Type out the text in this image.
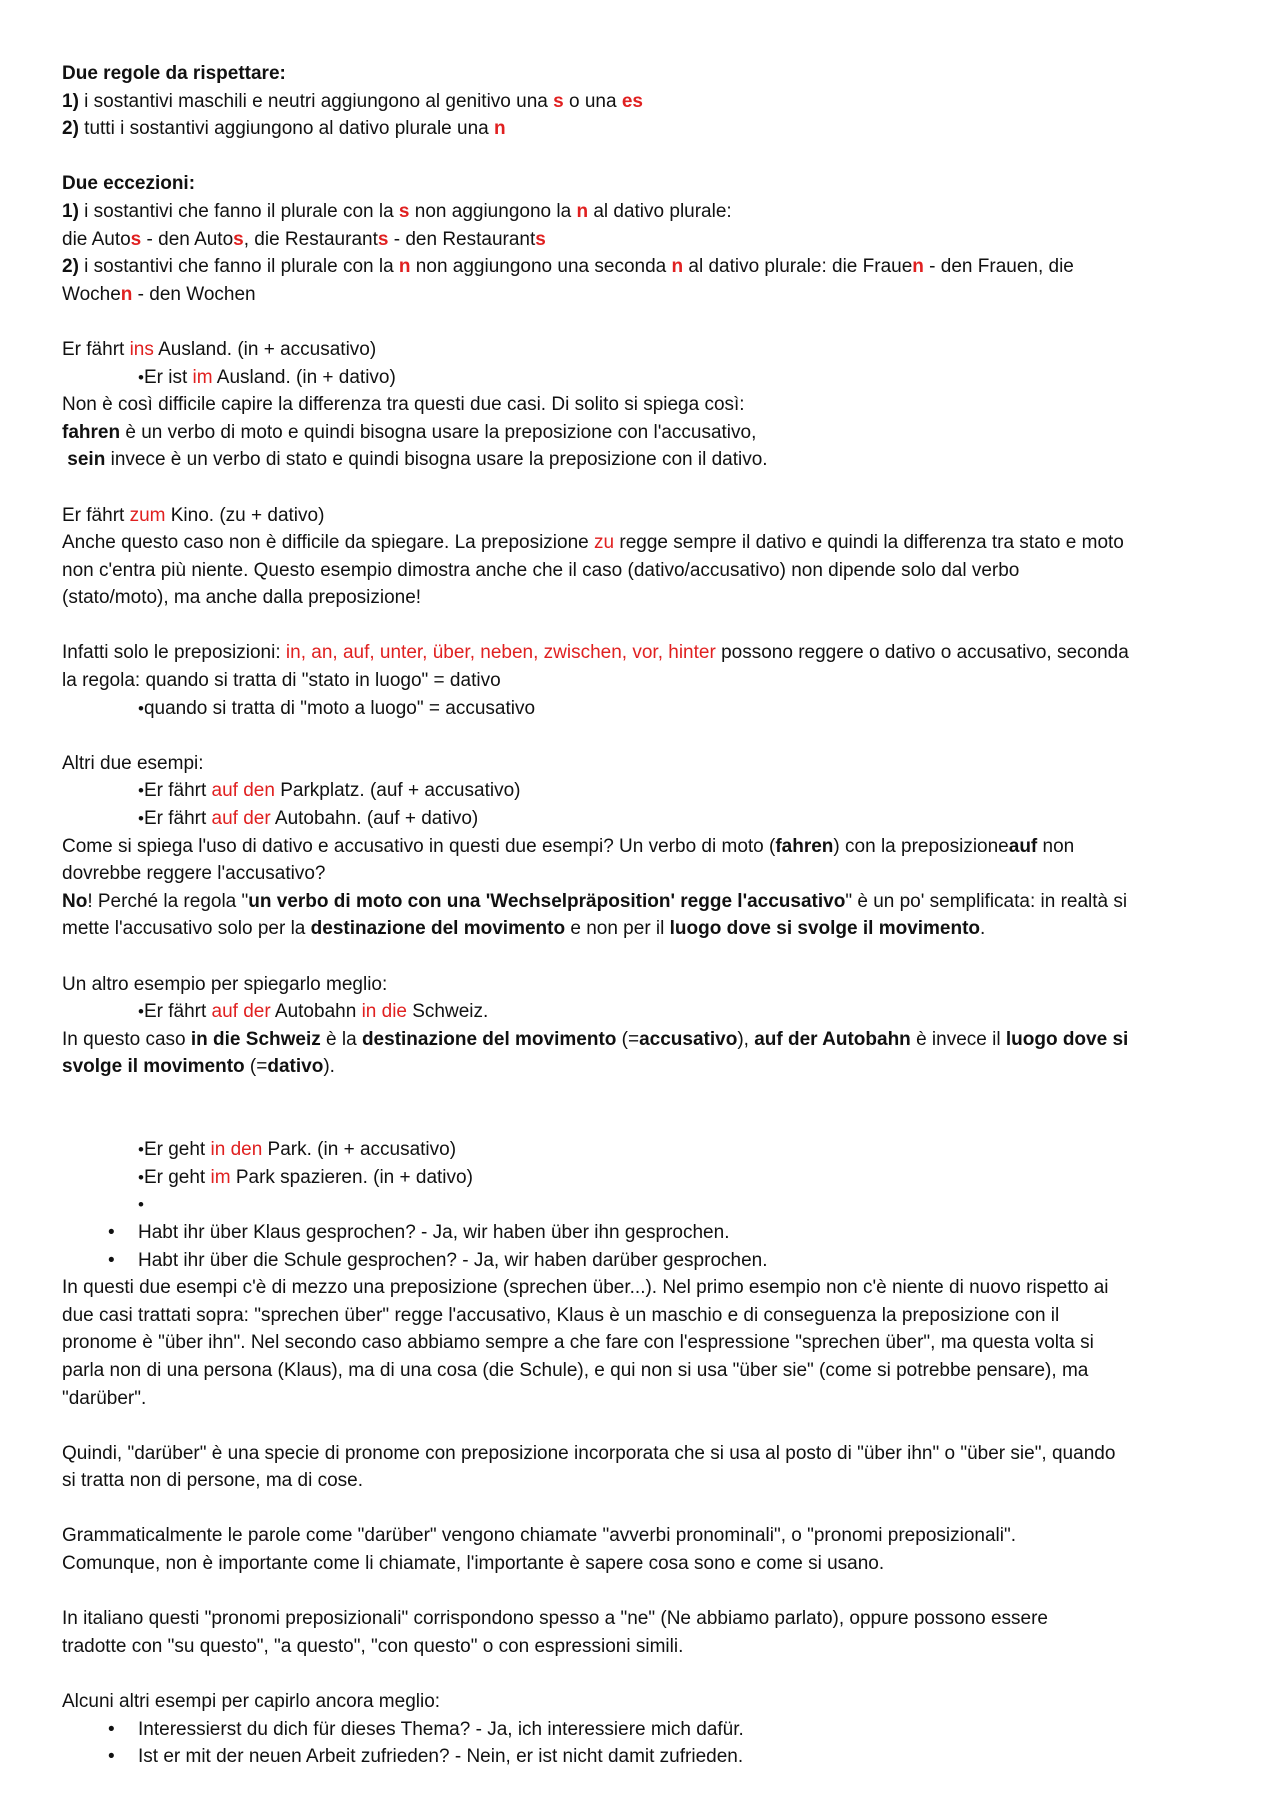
Due regole da rispettare:

1) i sostantivi maschili e neutri aggiungono al genitivo una s o una es

2) tutti i sostantivi aggiungono al dativo plurale una n

Due eccezioni:

1) i sostantivi che fanno il plurale con la s non aggiungono la n al dativo plurale:

die Autos - den Autos, die Restaurants - den Restaurants

2) i sostantivi che fanno il plurale con la n non aggiungono una seconda n al dativo plurale: die Frauen - den Frauen, die

Wochen - den Wochen

Er fährt ins Ausland. (in + accusativo)

• Er ist im Ausland. (in + dativo)

Non è così difficile capire la differenza tra questi due casi. Di solito si spiega così:

fahren è un verbo di moto e quindi bisogna usare la preposizione con l'accusativo,

sein invece è un verbo di stato e quindi bisogna usare la preposizione con il dativo.

Er fährt zum Kino. (zu + dativo)

Anche questo caso non è difficile da spiegare. La preposizione zu regge sempre il dativo e quindi la differenza tra stato e moto

non c'entra più niente. Questo esempio dimostra anche che il caso (dativo/accusativo) non dipende solo dal verbo

(stato/moto), ma anche dalla preposizione!

Infatti solo le preposizioni: in, an, auf, unter, über, neben, zwischen, vor, hinter possono reggere o dativo o accusativo, seconda

la regola: quando si tratta di "stato in luogo" = dativo

• quando si tratta di "moto a luogo" = accusativo

Altri due esempi:

• Er fährt auf den Parkplatz. (auf + accusativo)

• Er fährt auf der Autobahn. (auf + dativo)

Come si spiega l'uso di dativo e accusativo in questi due esempi? Un verbo di moto (fahren) con la preposizioneauf non

dovrebbe reggere l'accusativo?

No! Perché la regola "un verbo di moto con una 'Wechselpräposition' regge l'accusativo" è un po' semplificata: in realtà si

mette l'accusativo solo per la destinazione del movimento e non per il luogo dove si svolge il movimento.

Un altro esempio per spiegarlo meglio:

• Er fährt auf der Autobahn in die Schweiz.

In questo caso in die Schweiz è la destinazione del movimento (=accusativo), auf der Autobahn è invece il luogo dove si

svolge il movimento (=dativo).

• Er geht in den Park. (in + accusativo)

• Er geht im Park spazieren. (in + dativo)

•

• Habt ihr über Klaus gesprochen? - Ja, wir haben über ihn gesprochen.

• Habt ihr über die Schule gesprochen? - Ja, wir haben darüber gesprochen.

In questi due esempi c'è di mezzo una preposizione (sprechen über...). Nel primo esempio non c'è niente di nuovo rispetto ai

due casi trattati sopra: "sprechen über" regge l'accusativo, Klaus è un maschio e di conseguenza la preposizione con il

pronome è "über ihn". Nel secondo caso abbiamo sempre a che fare con l'espressione "sprechen über", ma questa volta si

parla non di una persona (Klaus), ma di una cosa (die Schule), e qui non si usa "über sie" (come si potrebbe pensare), ma

"darüber".

Quindi, "darüber" è una specie di pronome con preposizione incorporata che si usa al posto di "über ihn" o "über sie", quando

si tratta non di persone, ma di cose.

Grammaticalmente le parole come "darüber" vengono chiamate "avverbi pronominali", o "pronomi preposizionali".

Comunque, non è importante come li chiamate, l'importante è sapere cosa sono e come si usano.

In italiano questi "pronomi preposizionali" corrispondono spesso a "ne" (Ne abbiamo parlato), oppure possono essere

tradotte con "su questo", "a questo", "con questo" o con espressioni simili.

Alcuni altri esempi per capirlo ancora meglio:

• Interessierst du dich für dieses Thema? - Ja, ich interessiere mich dafür.

• Ist er mit der neuen Arbeit zufrieden? - Nein, er ist nicht damit zufrieden.
